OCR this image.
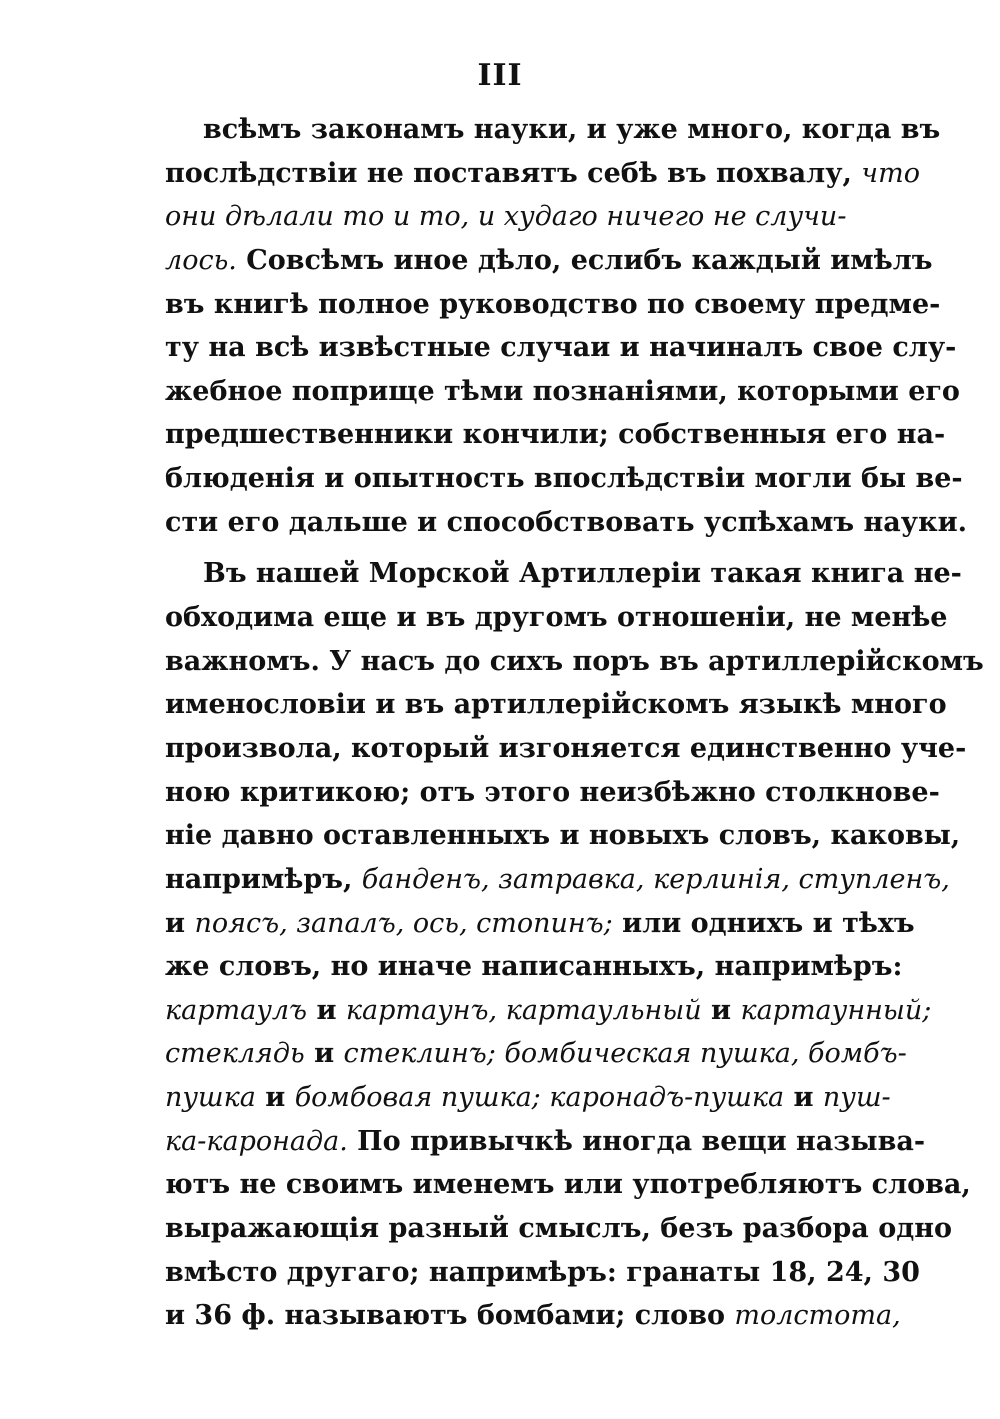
III
всѣмъ законамъ науки, и уже много, когда въ
послѣдствіи не поставятъ себѣ въ похвалу, что
они дѣлали то и то, и худаго ничего не случи-
лось. Совсѣмъ иное дѣло, еслибъ каждый имѣлъ
въ книгѣ полное руководство по своему предме-
ту на всѣ извѣстные случаи и начиналъ свое слу-
жебное поприще тѣми познаніями, которыми его
предшественники кончили; собственныя его на-
блюденія и опытность впослѣдствіи могли бы ве-
сти его дальше и способствовать успѣхамъ науки.
Въ нашей Морской Артиллеріи такая книга не-
обходима еще и въ другомъ отношеніи, не менѣе
важномъ. У насъ до сихъ поръ въ артиллерійскомъ
именословіи и въ артиллерійскомъ языкѣ много
произвола, который изгоняется единственно уче-
ною критикою; отъ этого неизбѣжно столкнове-
ніе давно оставленныхъ и новыхъ словъ, каковы,
напримѣръ, банденъ, затравка, керлинія, ступленъ,
и поясъ, запалъ, ось, стопинъ; или однихъ и тѣхъ
же словъ, но иначе написанныхъ, напримѣръ:
картаулъ и картаунъ, картаульный и картаунный;
стеклядь и стеклинъ; бомбическая пушка, бомбъ-
пушка и бомбовая пушка; каронадъ-пушка и пуш-
ка-каронада. По привычкѣ иногда вещи называ-
ютъ не своимъ именемъ или употребляютъ слова,
выражающія разный смыслъ, безъ разбора одно
вмѣсто другаго; напримѣръ: гранаты 18, 24, 30
и 36 ф. называютъ бомбами; слово толстота,
